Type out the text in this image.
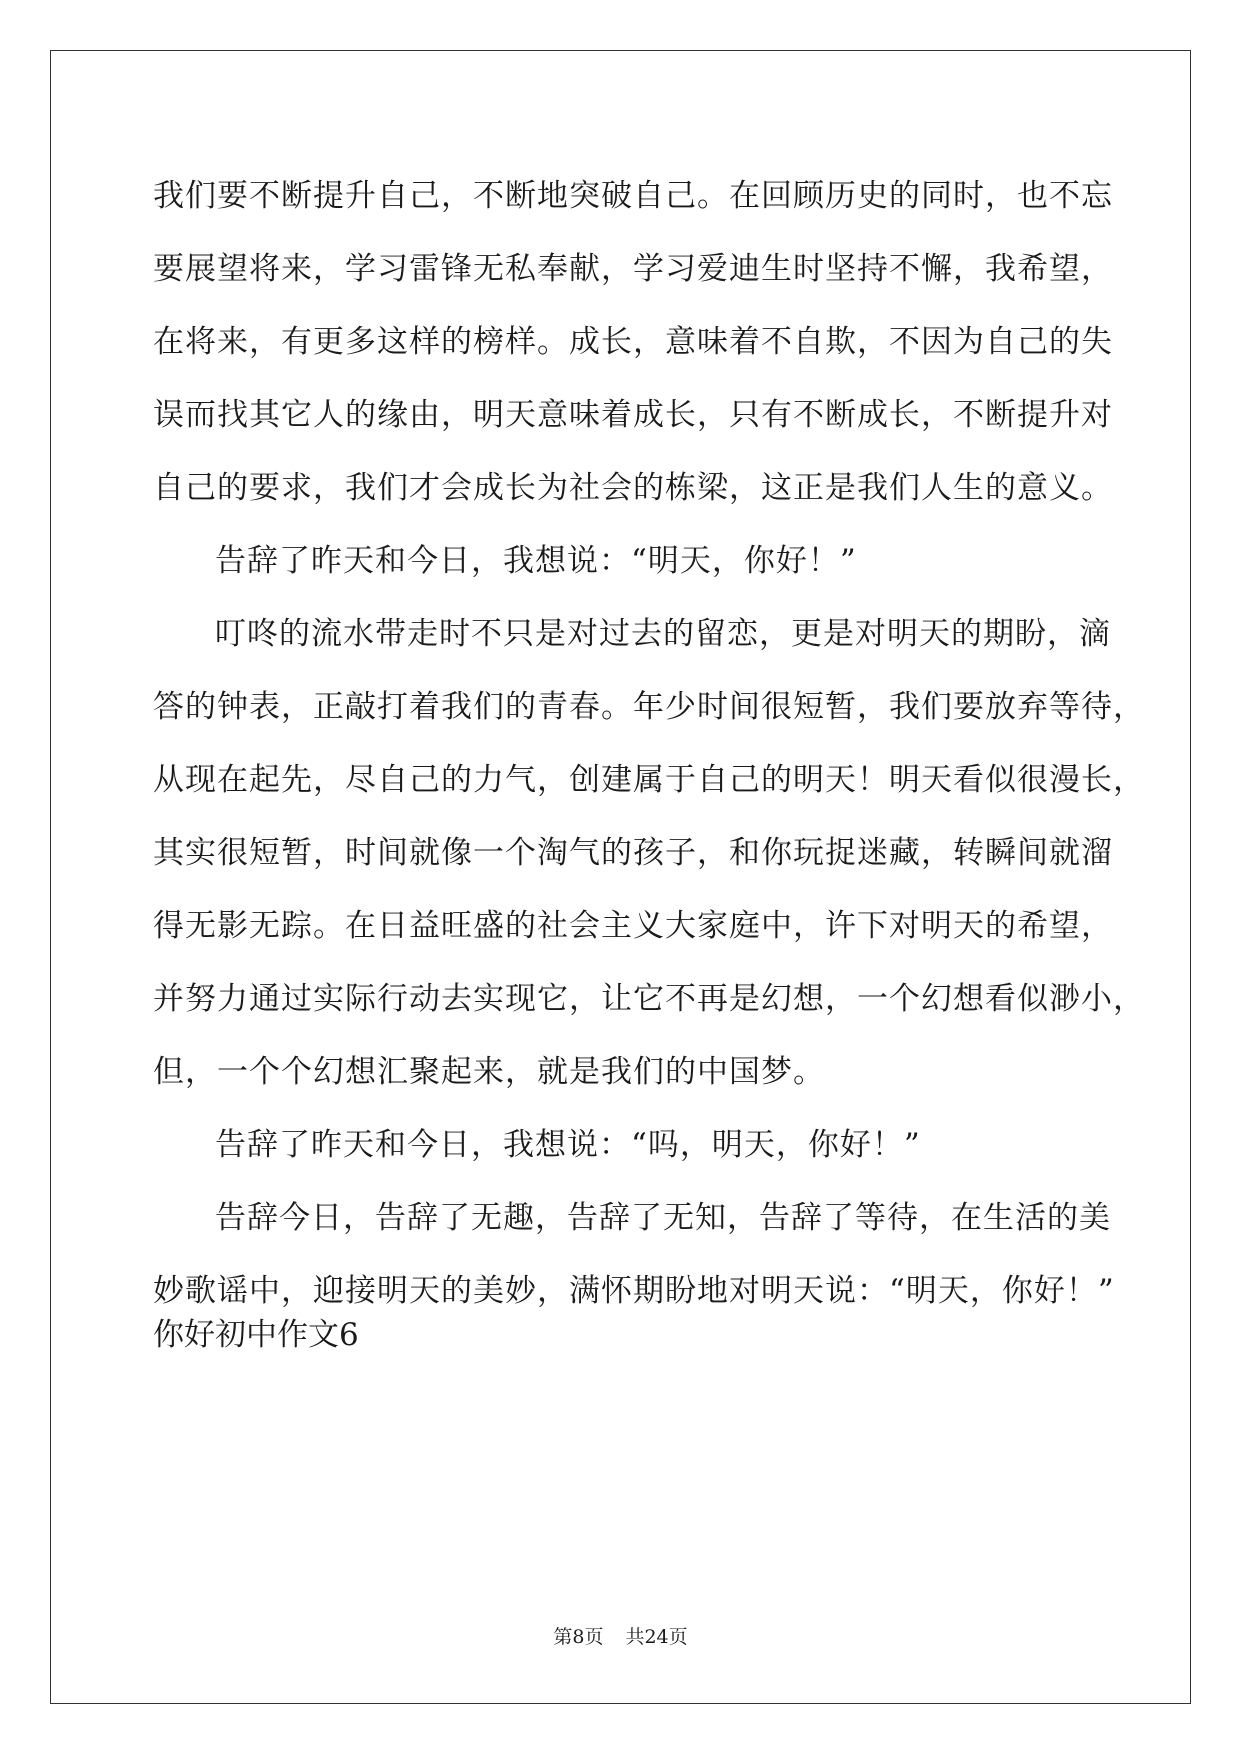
我们要不断提升自己，不断地突破自己。在回顾历史的同时，也不忘
要展望将来，学习雷锋无私奉献，学习爱迪生时坚持不懈，我希望，
在将来，有更多这样的榜样。成长，意味着不自欺，不因为自己的失
误而找其它人的缘由，明天意味着成长，只有不断成长，不断提升对
自己的要求，我们才会成长为社会的栋梁，这正是我们人生的意义。
告辞了昨天和今日，我想说：“明天，你好！”
叮咚的流水带走时不只是对过去的留恋，更是对明天的期盼，滴
答的钟表，正敲打着我们的青春。年少时间很短暂，我们要放弃等待，
从现在起先，尽自己的力气，创建属于自己的明天！明天看似很漫长，
其实很短暂，时间就像一个淘气的孩子，和你玩捉迷藏，转瞬间就溜
得无影无踪。在日益旺盛的社会主义大家庭中，许下对明天的希望，
并努力通过实际行动去实现它，让它不再是幻想，一个幻想看似渺小，
但，一个个幻想汇聚起来，就是我们的中国梦。
告辞了昨天和今日，我想说：“吗，明天，你好！”
告辞今日，告辞了无趣，告辞了无知，告辞了等待，在生活的美
妙歌谣中，迎接明天的美妙，满怀期盼地对明天说：“明天，你好！”
你好初中作文6
第8页 共24页
